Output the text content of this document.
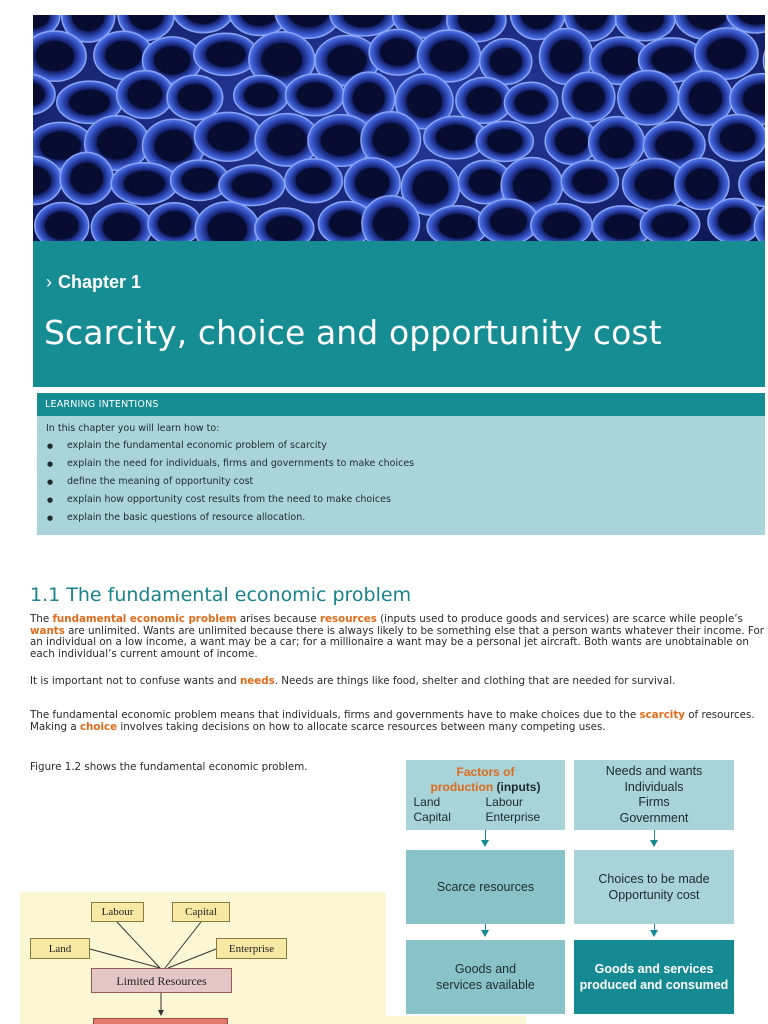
› Chapter 1
Scarcity, choice and opportunity cost
LEARNING INTENTIONS
In this chapter you will learn how to:
● explain the fundamental economic problem of scarcity
● explain the need for individuals, firms and governments to make choices
● define the meaning of opportunity cost
● explain how opportunity cost results from the need to make choices
● explain the basic questions of resource allocation.
1.1 The fundamental economic problem

The fundamental economic problem arises because resources (inputs used to produce goods and services) are scarce while people’s wants are unlimited. Wants are unlimited because there is always likely to be something else that a person wants whatever their income. For an individual on a low income, a want may be a car; for a millionaire a want may be a personal jet aircraft. Both wants are unobtainable on each individual’s current amount of income.

It is important not to confuse wants and needs. Needs are things like food, shelter and clothing that are needed for survival.

The fundamental economic problem means that individuals, firms and governments have to make choices due to the scarcity of resources. Making a choice involves taking decisions on how to allocate scarce resources between many competing uses.

Figure 1.2 shows the fundamental economic problem.

Labour	Capital
Land	Enterprise
Limited Resources
Factors of
production (inputs)
Land	Labour
Capital	Enterprise
Needs and wants
Individuals
Firms
Government
Scarce resources
Choices to be made
Opportunity cost
Goods and
services available
Goods and services
produced and consumed
